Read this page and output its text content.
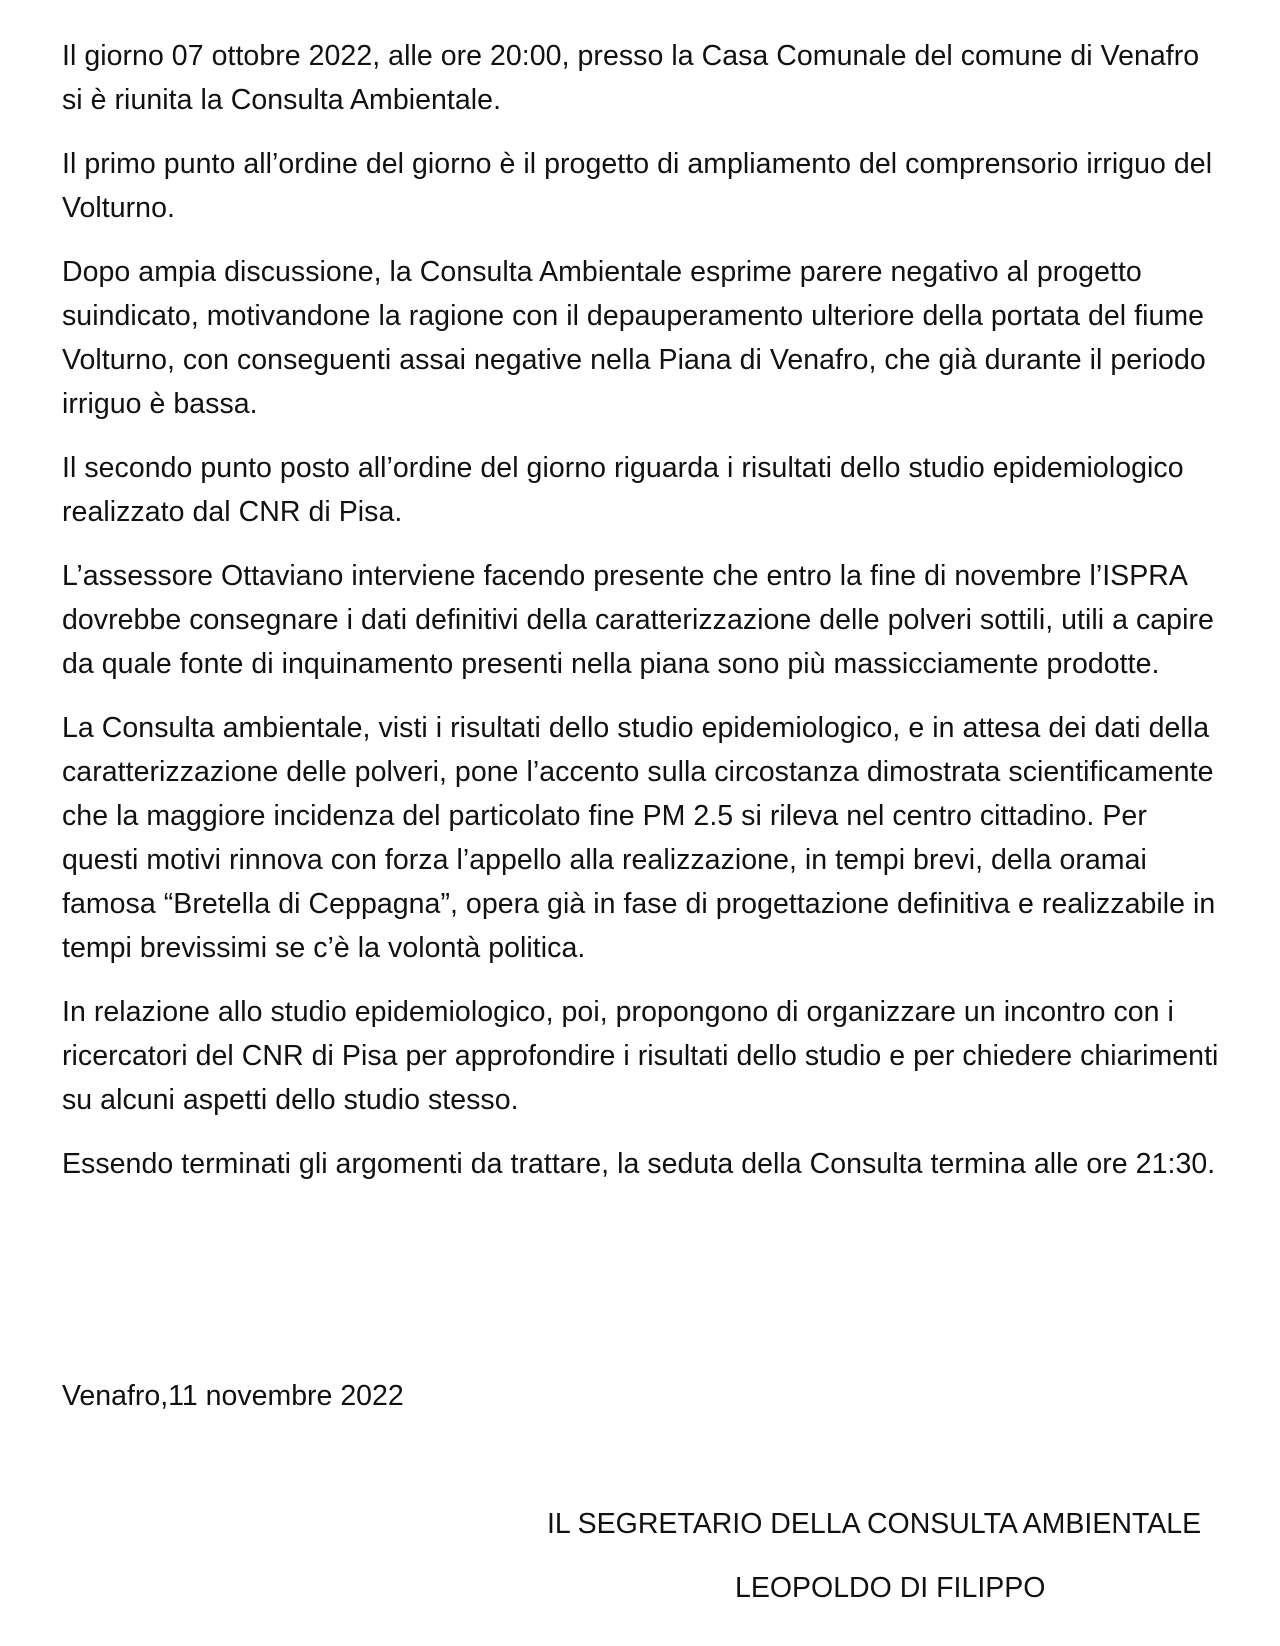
Il giorno 07 ottobre 2022, alle ore 20:00, presso la Casa Comunale del comune di Venafro si è riunita la Consulta Ambientale.

Il primo punto all’ordine del giorno è il progetto di ampliamento del comprensorio irriguo del Volturno.

Dopo ampia discussione, la Consulta Ambientale esprime parere negativo al progetto suindicato, motivandone la ragione con il depauperamento ulteriore della portata del fiume Volturno, con conseguenti assai negative nella Piana di Venafro, che già durante il periodo irriguo è bassa.

Il secondo punto posto all’ordine del giorno riguarda i risultati dello studio epidemiologico realizzato dal CNR di Pisa.

L’assessore Ottaviano interviene facendo presente che entro la fine di novembre l’ISPRA dovrebbe consegnare i dati definitivi della caratterizzazione delle polveri sottili, utili a capire da quale fonte di inquinamento presenti nella piana sono più massicciamente prodotte.

La Consulta ambientale, visti i risultati dello studio epidemiologico, e in attesa dei dati della caratterizzazione delle polveri, pone l’accento sulla circostanza dimostrata scientificamente che la maggiore incidenza del particolato fine PM 2.5 si rileva nel centro cittadino. Per questi motivi rinnova con forza l’appello alla realizzazione, in tempi brevi, della oramai famosa “Bretella di Ceppagna”, opera già in fase di progettazione definitiva e realizzabile in tempi brevissimi se c’è la volontà politica.

In relazione allo studio epidemiologico, poi, propongono di organizzare un incontro con i ricercatori del CNR di Pisa per approfondire i risultati dello studio e per chiedere chiarimenti su alcuni aspetti dello studio stesso.

Essendo terminati gli argomenti da trattare, la seduta della Consulta termina alle ore 21:30.

Venafro,11 novembre 2022

IL SEGRETARIO DELLA CONSULTA AMBIENTALE

LEOPOLDO DI FILIPPO
